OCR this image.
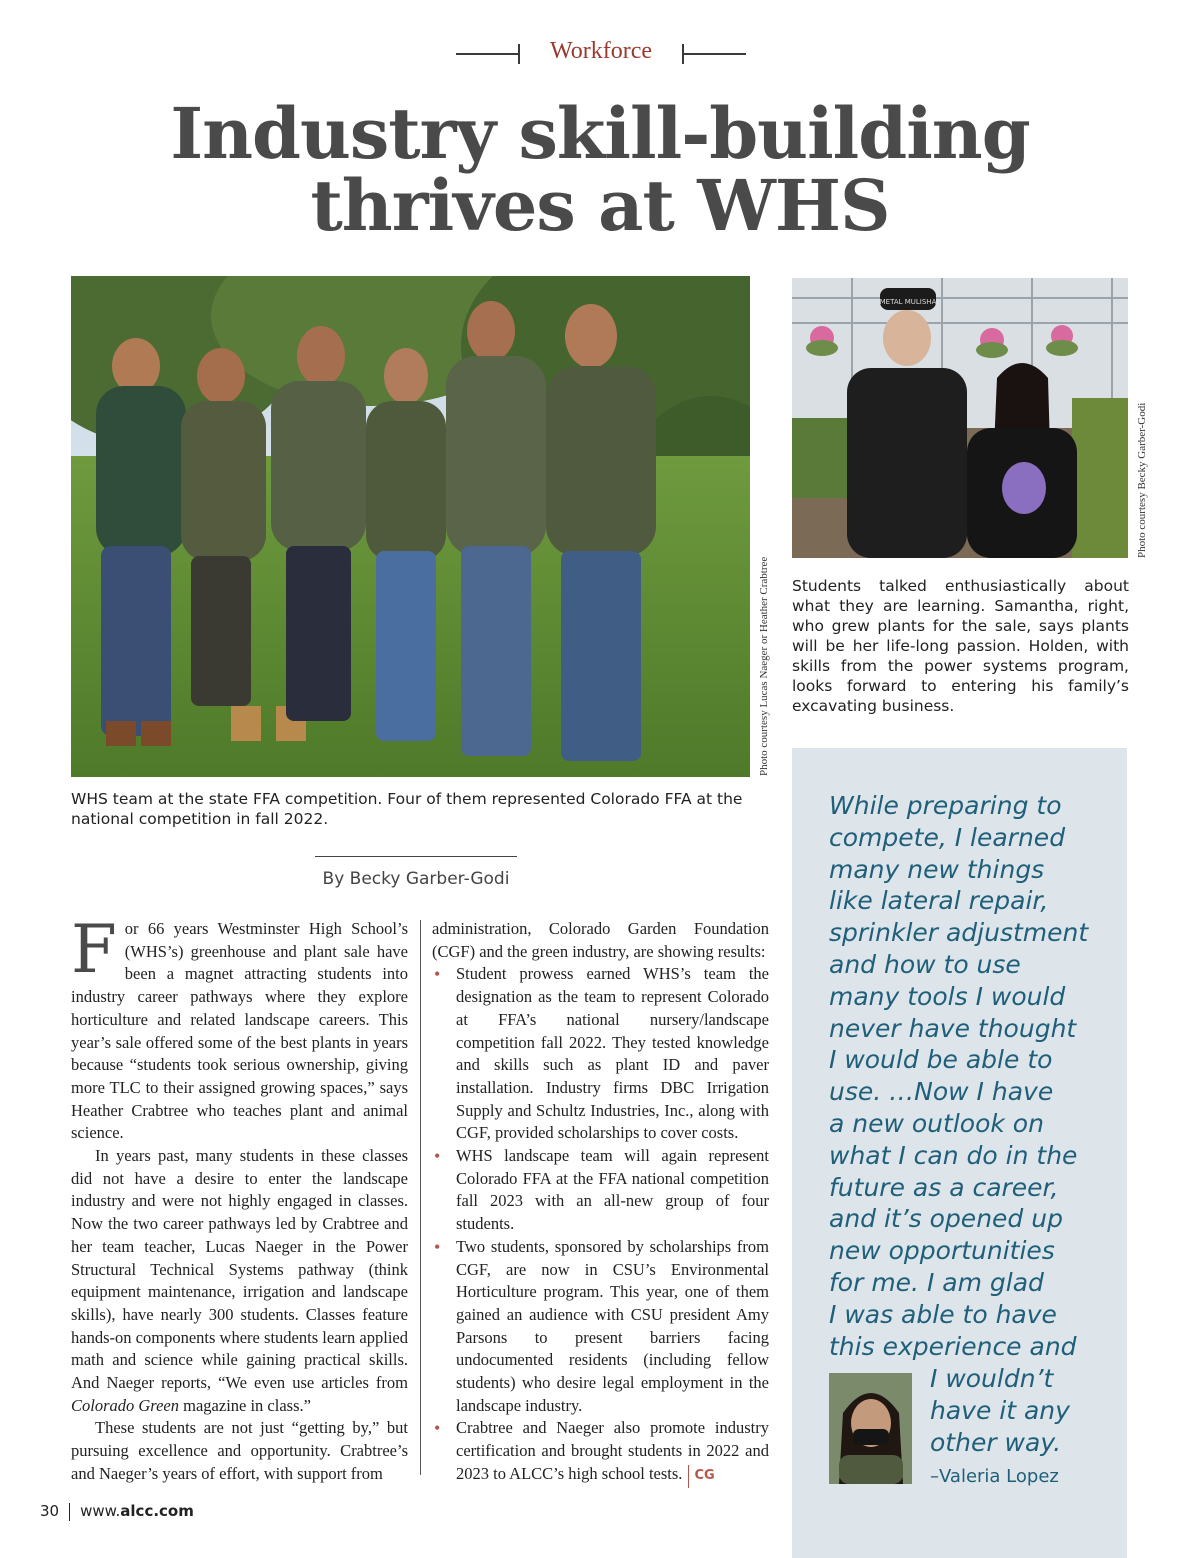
Workforce
Industry skill-building
thrives at WHS
Photo courtesy Lucas Naeger or Heather Crabtree

WHS team at the state FFA competition. Four of them represented Colorado FFA at the national competition in fall 2022.

METAL MULISHA
Photo courtesy Becky Garber-Godi

Students talked enthusiastically about what they are learning. Samantha, right, who grew plants for the sale, says plants will be her life-long passion. Holden, with skills from the power systems program, looks forward to entering his family’s excavating business.

By Becky Garber-Godi

For 66 years Westminster High School’s (WHS’s) greenhouse and plant sale have been a magnet attracting students into industry career pathways where they explore horticulture and related landscape careers. This year’s sale offered some of the best plants in years because “students took serious ownership, giving more TLC to their assigned growing spaces,” says Heather Crabtree who teaches plant and animal science.

In years past, many students in these classes did not have a desire to enter the landscape industry and were not highly engaged in classes. Now the two career pathways led by Crabtree and her team teacher, Lucas Naeger in the Power Structural Technical Systems pathway (think equipment maintenance, irrigation and landscape skills), have nearly 300 students. Classes feature hands-on components where students learn applied math and science while gaining practical skills. And Naeger reports, “We even use articles from Colorado Green magazine in class.”

These students are not just “getting by,” but pursuing excellence and opportunity. Crabtree’s and Naeger’s years of effort, with support from

administration, Colorado Garden Foundation (CGF) and the green industry, are showing results:

• Student prowess earned WHS’s team the designation as the team to represent Colorado at FFA’s national nursery/landscape competition fall 2022. They tested knowledge and skills such as plant ID and paver installation. Industry firms DBC Irrigation Supply and Schultz Industries, Inc., along with CGF, provided scholarships to cover costs.
• WHS landscape team will again represent Colorado FFA at the FFA national competition fall 2023 with an all-new group of four students.
• Two students, sponsored by scholarships from CGF, are now in CSU’s Environmental Horticulture program. This year, one of them gained an audience with CSU president Amy Parsons to present barriers facing undocumented residents (including fellow students) who desire legal employment in the landscape industry.
• Crabtree and Naeger also promote industry certification and brought students in 2022 and 2023 to ALCC’s high school tests. CG
While preparing to
compete, I learned
many new things
like lateral repair,
sprinkler adjustment
and how to use
many tools I would
never have thought
I would be able to
use. …Now I have
a new outlook on
what I can do in the
future as a career,
and it’s opened up
new opportunities
for me. I am glad
I was able to have
this experience and
I wouldn’t
have it any
other way.
–Valeria Lopez
30 www.alcc.com
